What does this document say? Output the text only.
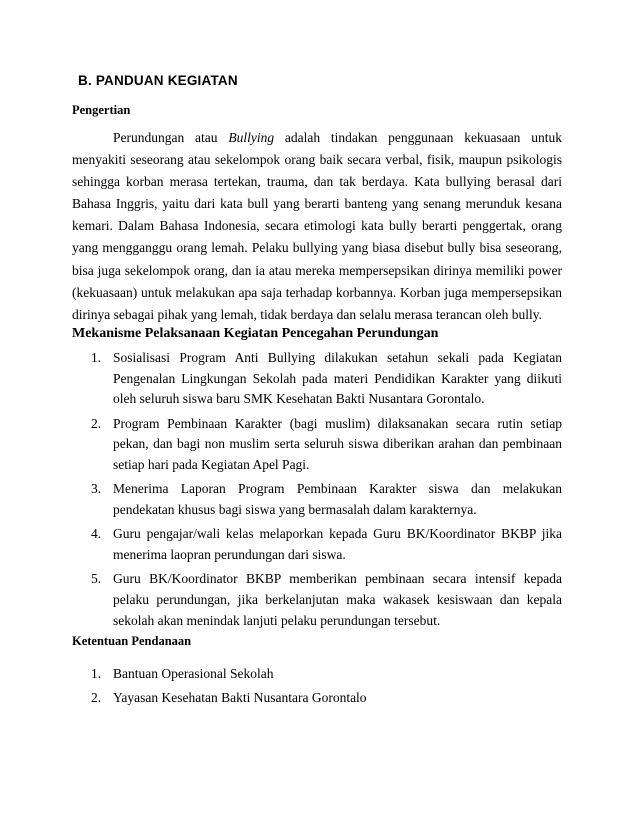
B. PANDUAN KEGIATAN
Pengertian
Perundungan atau Bullying adalah tindakan penggunaan kekuasaan untuk menyakiti seseorang atau sekelompok orang baik secara verbal, fisik, maupun psikologis sehingga korban merasa tertekan, trauma, dan tak berdaya. Kata bullying berasal dari Bahasa Inggris, yaitu dari kata bull yang berarti banteng yang senang merunduk kesana kemari. Dalam Bahasa Indonesia, secara etimologi kata bully berarti penggertak, orang yang mengganggu orang lemah. Pelaku bullying yang biasa disebut bully bisa seseorang, bisa juga sekelompok orang, dan ia atau mereka mempersepsikan dirinya memiliki power (kekuasaan) untuk melakukan apa saja terhadap korbannya. Korban juga mempersepsikan dirinya sebagai pihak yang lemah, tidak berdaya dan selalu merasa terancan oleh bully.
Mekanisme Pelaksanaan Kegiatan Pencegahan Perundungan
1. Sosialisasi Program Anti Bullying dilakukan setahun sekali pada Kegiatan Pengenalan Lingkungan Sekolah pada materi Pendidikan Karakter yang diikuti oleh seluruh siswa baru SMK Kesehatan Bakti Nusantara Gorontalo.
2. Program Pembinaan Karakter (bagi muslim) dilaksanakan secara rutin setiap pekan, dan bagi non muslim serta seluruh siswa diberikan arahan dan pembinaan setiap hari pada Kegiatan Apel Pagi.
3. Menerima Laporan Program Pembinaan Karakter siswa dan melakukan pendekatan khusus bagi siswa yang bermasalah dalam karakternya.
4. Guru pengajar/wali kelas melaporkan kepada Guru BK/Koordinator BKBP jika menerima laopran perundungan dari siswa.
5. Guru BK/Koordinator BKBP memberikan pembinaan secara intensif kepada pelaku perundungan, jika berkelanjutan maka wakasek kesiswaan dan kepala sekolah akan menindak lanjuti pelaku perundungan tersebut.
Ketentuan Pendanaan
1. Bantuan Operasional Sekolah
2. Yayasan Kesehatan Bakti Nusantara Gorontalo
